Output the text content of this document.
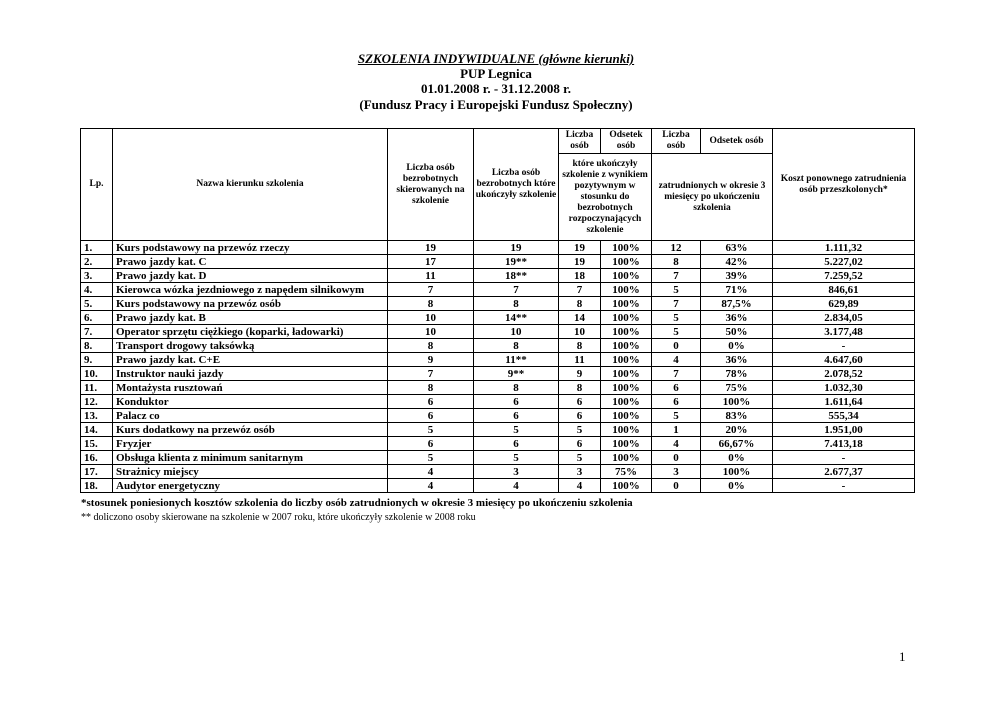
SZKOLENIA INDYWIDUALNE (główne kierunki)
PUP Legnica
01.01.2008 r. - 31.12.2008 r.
(Fundusz Pracy i Europejski Fundusz Społeczny)
Lp.	Nazwa kierunku szkolenia	Liczba osób bezrobotnych skierowanych na szkolenie	Liczba osób bezrobotnych które ukończyły szkolenie	Liczba osób	Odsetek osób	Liczba osób	Odsetek osób	Koszt ponownego zatrudnienia osób przeszkolonych*
				które ukończyły szkolenie z wynikiem pozytywnym w stosunku do bezrobotnych rozpoczynających szkolenie		zatrudnionych w okresie 3 miesięcy po ukończeniu szkolenia		
1.	Kurs podstawowy na przewóz rzeczy	19	19	19	100%	12	63%	1.111,32
2.	Prawo jazdy kat. C	17	19**	19	100%	8	42%	5.227,02
3.	Prawo jazdy kat. D	11	18**	18	100%	7	39%	7.259,52
4.	Kierowca wózka jezdniowego z napędem silnikowym	7	7	7	100%	5	71%	846,61
5.	Kurs podstawowy na przewóz osób	8	8	8	100%	7	87,5%	629,89
6.	Prawo jazdy kat. B	10	14**	14	100%	5	36%	2.834,05
7.	Operator sprzętu ciężkiego (koparki, ładowarki)	10	10	10	100%	5	50%	3.177,48
8.	Transport drogowy taksówką	8	8	8	100%	0	0%	-
9.	Prawo jazdy kat. C+E	9	11**	11	100%	4	36%	4.647,60
10.	Instruktor nauki jazdy	7	9**	9	100%	7	78%	2.078,52
11.	Montażysta rusztowań	8	8	8	100%	6	75%	1.032,30
12.	Konduktor	6	6	6	100%	6	100%	1.611,64
13.	Palacz co	6	6	6	100%	5	83%	555,34
14.	Kurs dodatkowy na przewóz osób	5	5	5	100%	1	20%	1.951,00
15.	Fryzjer	6	6	6	100%	4	66,67%	7.413,18
16.	Obsługa klienta z minimum sanitarnym	5	5	5	100%	0	0%	-
17.	Strażnicy miejscy	4	3	3	75%	3	100%	2.677,37
18.	Audytor energetyczny	4	4	4	100%	0	0%	-
*stosunek poniesionych kosztów szkolenia do liczby osób zatrudnionych w okresie 3 miesięcy po ukończeniu szkolenia
** doliczono osoby skierowane na szkolenie w 2007 roku, które ukończyły szkolenie w 2008 roku
1
